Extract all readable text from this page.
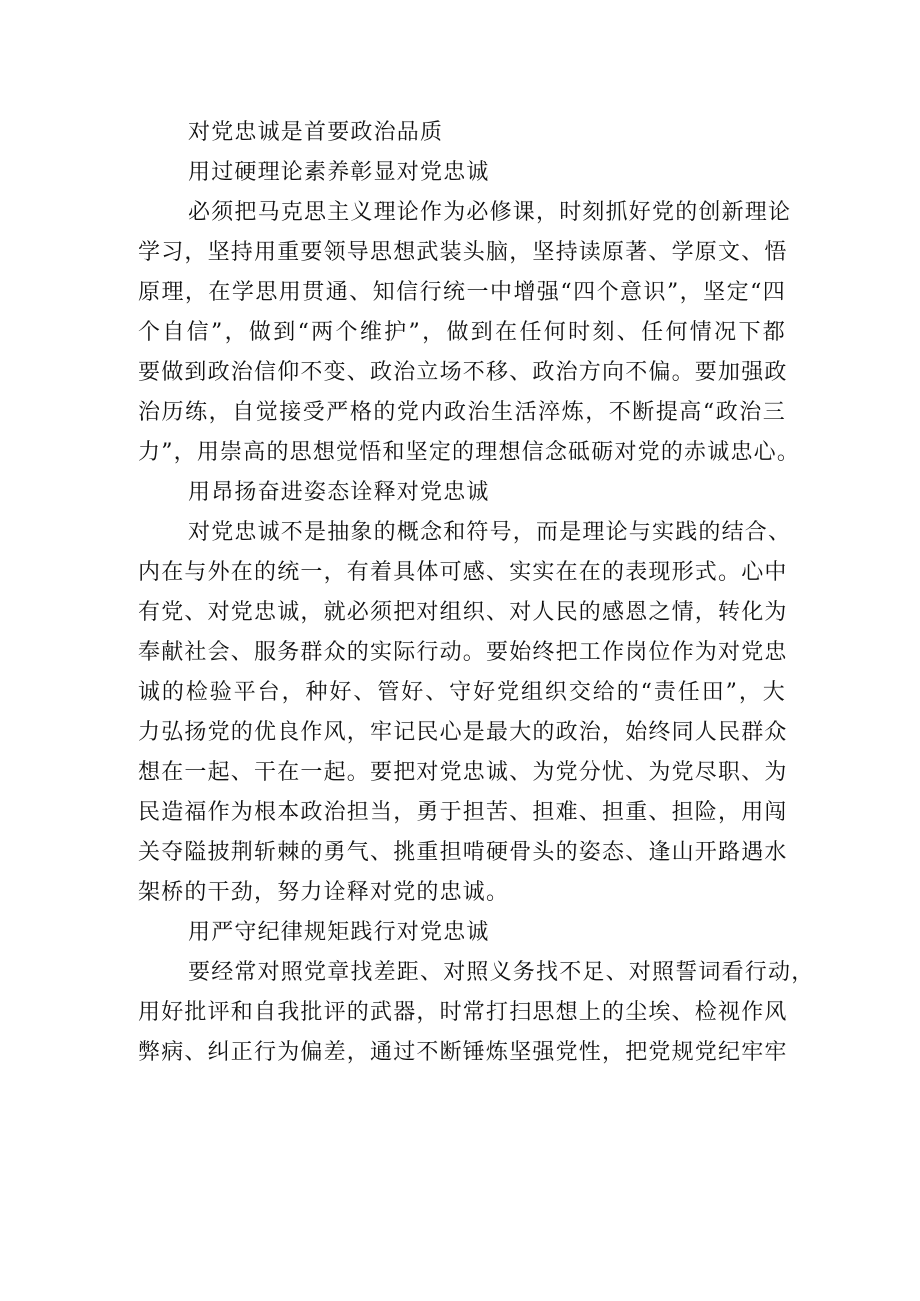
对党忠诚是首要政治品质
用过硬理论素养彰显对党忠诚
必须把马克思主义理论作为必修课，时刻抓好党的创新理论
学习，坚持用重要领导思想武装头脑，坚持读原著、学原文、悟
原理，在学思用贯通、知信行统一中增强“四个意识”，坚定“四
个自信”，做到“两个维护”，做到在任何时刻、任何情况下都
要做到政治信仰不变、政治立场不移、政治方向不偏。要加强政
治历练，自觉接受严格的党内政治生活淬炼，不断提高“政治三
力”，用崇高的思想觉悟和坚定的理想信念砥砺对党的赤诚忠心。
用昂扬奋进姿态诠释对党忠诚
对党忠诚不是抽象的概念和符号，而是理论与实践的结合、
内在与外在的统一，有着具体可感、实实在在的表现形式。心中
有党、对党忠诚，就必须把对组织、对人民的感恩之情，转化为
奉献社会、服务群众的实际行动。要始终把工作岗位作为对党忠
诚的检验平台，种好、管好、守好党组织交给的“责任田”，大
力弘扬党的优良作风，牢记民心是最大的政治，始终同人民群众
想在一起、干在一起。要把对党忠诚、为党分忧、为党尽职、为
民造福作为根本政治担当，勇于担苦、担难、担重、担险，用闯
关夺隘披荆斩棘的勇气、挑重担啃硬骨头的姿态、逢山开路遇水
架桥的干劲，努力诠释对党的忠诚。
用严守纪律规矩践行对党忠诚
要经常对照党章找差距、对照义务找不足、对照誓词看行动，
用好批评和自我批评的武器，时常打扫思想上的尘埃、检视作风
弊病、纠正行为偏差，通过不断锤炼坚强党性，把党规党纪牢牢
